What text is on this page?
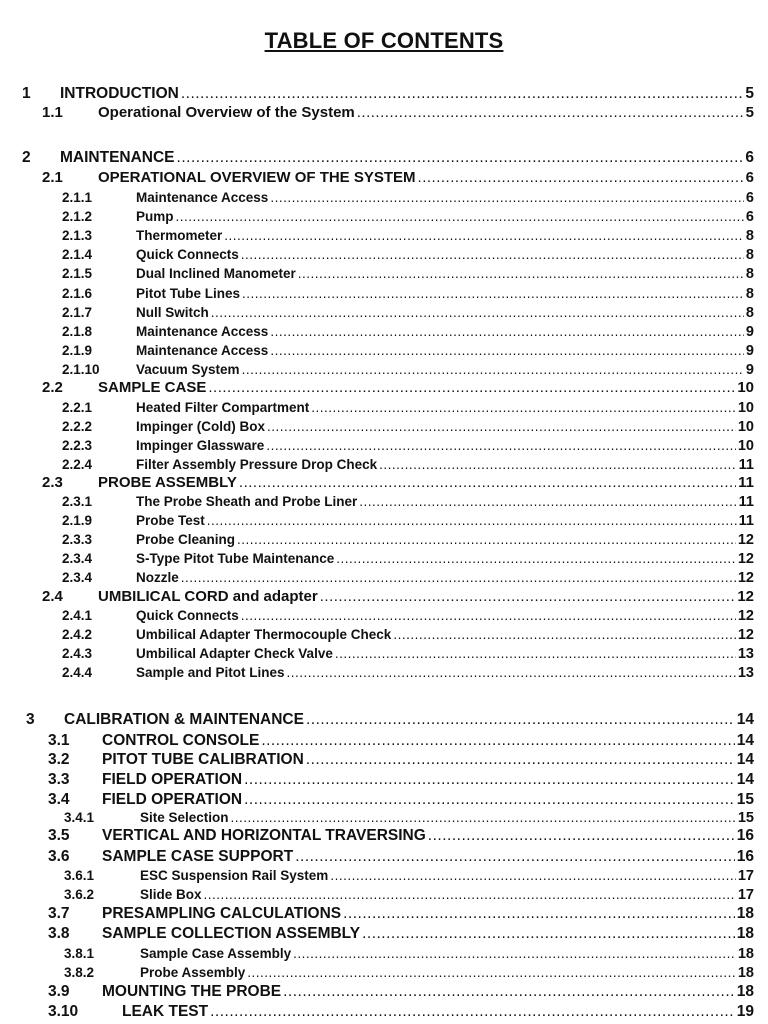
TABLE OF CONTENTS
1 INTRODUCTION .....	5
1.1 Operational Overview of the System .....	5
2 MAINTENANCE .....	6
2.1 OPERATIONAL OVERVIEW OF THE SYSTEM .....	6
2.1.1	Maintenance Access .....	6
2.1.2	Pump .....	6
2.1.3	Thermometer .....	8
2.1.4	Quick Connects .....	8
2.1.5	Dual Inclined Manometer .....	8
2.1.6	Pitot Tube Lines .....	8
2.1.7	Null Switch .....	8
2.1.8	Maintenance Access .....	9
2.1.9	Maintenance Access .....	9
2.1.10	Vacuum System .....	9
2.2 SAMPLE CASE .....	10
2.2.1	Heated Filter Compartment .....	10
2.2.2	Impinger (Cold) Box .....	10
2.2.3	Impinger Glassware .....	10
2.2.4	Filter Assembly Pressure Drop Check .....	11
2.3 PROBE ASSEMBLY .....	11
2.3.1	The Probe Sheath and Probe Liner .....	11
2.1.9	Probe Test .....	11
2.3.3	Probe Cleaning .....	12
2.3.4	S-Type Pitot Tube Maintenance .....	12
2.3.4	Nozzle .....	12
2.4 UMBILICAL CORD and adapter .....	12
2.4.1	Quick Connects .....	12
2.4.2	Umbilical Adapter Thermocouple Check .....	12
2.4.3	Umbilical Adapter Check Valve .....	13
2.4.4	Sample and Pitot Lines .....	13
3 CALIBRATION & MAINTENANCE .....	14
3.1 CONTROL CONSOLE .....	14
3.2 PITOT TUBE CALIBRATION .....	14
3.3 FIELD OPERATION .....	14
3.4 FIELD OPERATION .....	15
3.4.1	Site Selection .....	15
3.5 VERTICAL AND HORIZONTAL TRAVERSING .....	16
3.6 SAMPLE CASE SUPPORT .....	16
3.6.1	ESC Suspension Rail System .....	17
3.6.2	Slide Box .....	17
3.7 PRESAMPLING CALCULATIONS .....	18
3.8 SAMPLE COLLECTION ASSEMBLY .....	18
3.8.1	Sample Case Assembly .....	18
3.8.2	Probe Assembly .....	18
3.9 MOUNTING THE PROBE .....	18
3.10	LEAK TEST .....	19
